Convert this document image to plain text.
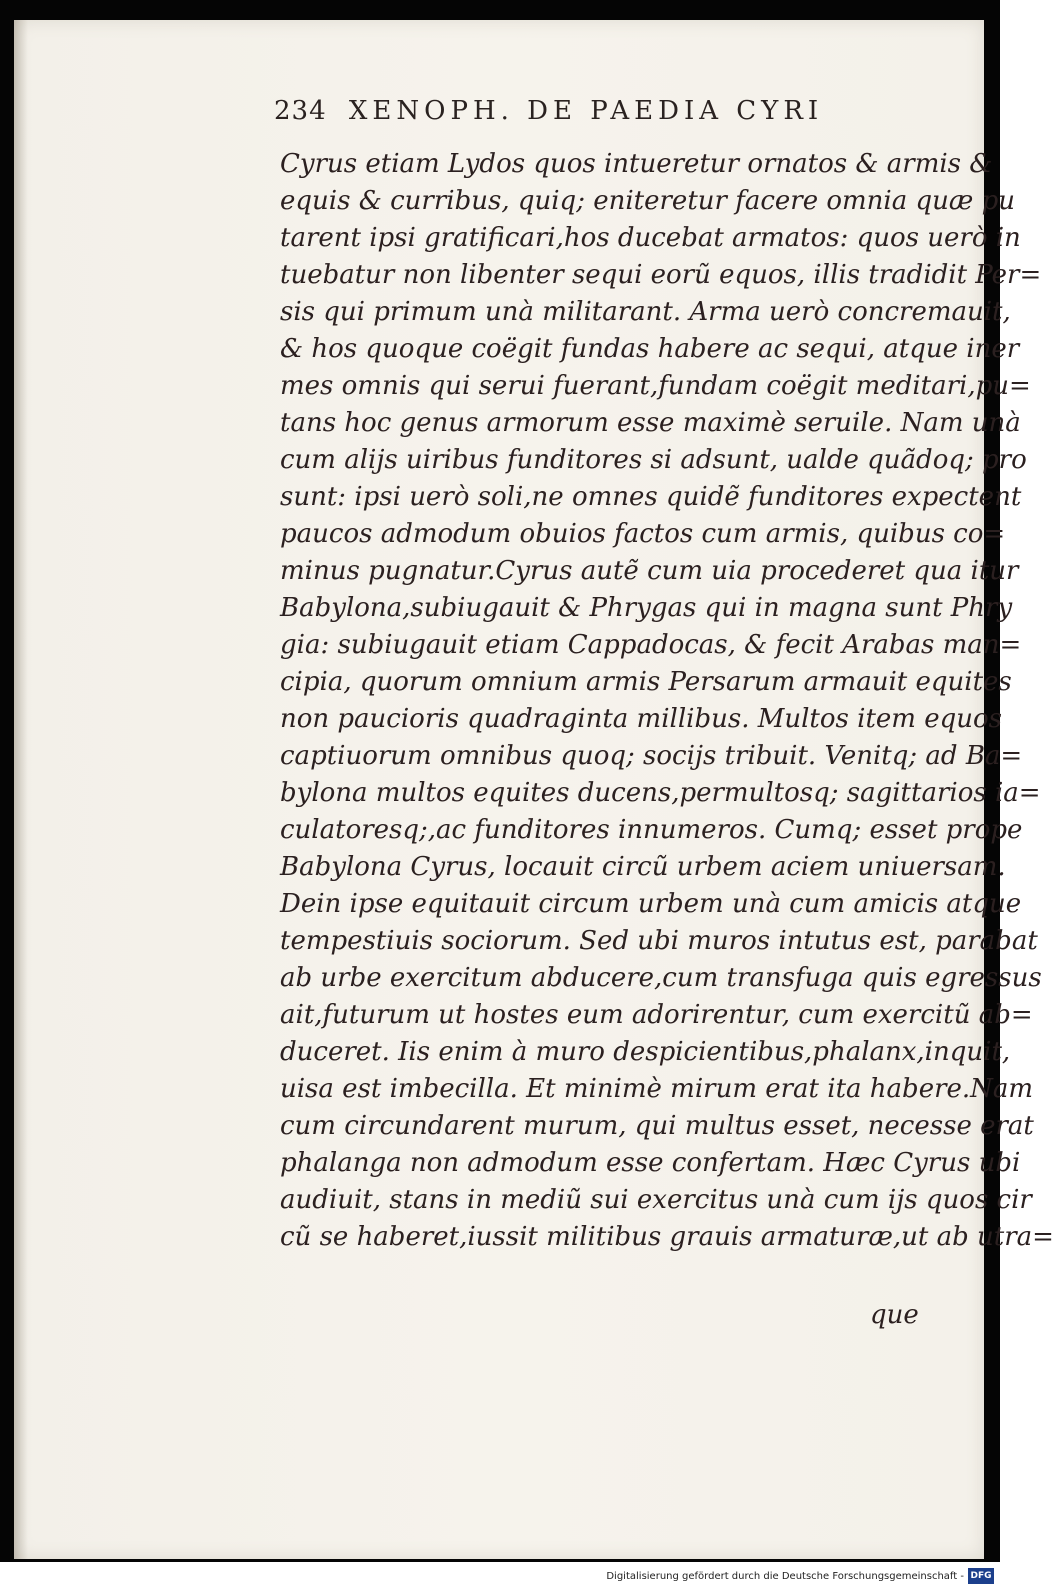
234 XENOPH. DE PAEDIA CYRI
Cyrus etiam Lydos quos intueretur ornatos & armis &
equis & curribus, quiq; eniteretur facere omnia quæ pu
tarent ipsi gratificari,hos ducebat armatos: quos uerò in
tuebatur non libenter sequi eorũ equos, illis tradidit Per=
sis qui primum unà militarant. Arma uerò concremauit,
& hos quoque coëgit fundas habere ac sequi, atque iner
mes omnis qui serui fuerant,fundam coëgit meditari,pu=
tans hoc genus armorum esse maximè seruile. Nam unà
cum alijs uiribus funditores si adsunt, ualde quãdoq; pro
sunt: ipsi uerò soli,ne omnes quidẽ funditores expectent
paucos admodum obuios factos cum armis, quibus co=
minus pugnatur.Cyrus autẽ cum uia procederet qua itur
Babylona,subiugauit & Phrygas qui in magna sunt Phry
gia: subiugauit etiam Cappadocas, & fecit Arabas man=
cipia, quorum omnium armis Persarum armauit equites
non paucioris quadraginta millibus. Multos item equos
captiuorum omnibus quoq; socijs tribuit. Venitq; ad Ba=
bylona multos equites ducens,permultosq; sagittarios ia=
culatoresq;,ac funditores innumeros. Cumq; esset prope
Babylona Cyrus, locauit circũ urbem aciem uniuersam.
Dein ipse equitauit circum urbem unà cum amicis atque
tempestiuis sociorum. Sed ubi muros intutus est, parabat
ab urbe exercitum abducere,cum transfuga quis egressus
ait,futurum ut hostes eum adorirentur, cum exercitũ ab=
duceret. Iis enim à muro despicientibus,phalanx,inquit,
uisa est imbecilla. Et minimè mirum erat ita habere.Nam
cum circundarent murum, qui multus esset, necesse erat
phalanga non admodum esse confertam. Hæc Cyrus ubi
audiuit, stans in mediũ sui exercitus unà cum ijs quos cir
cũ se haberet,iussit militibus grauis armaturæ,ut ab utra=
que
Digitalisierung gefördert durch die Deutsche Forschungsgemeinschaft - DFG
